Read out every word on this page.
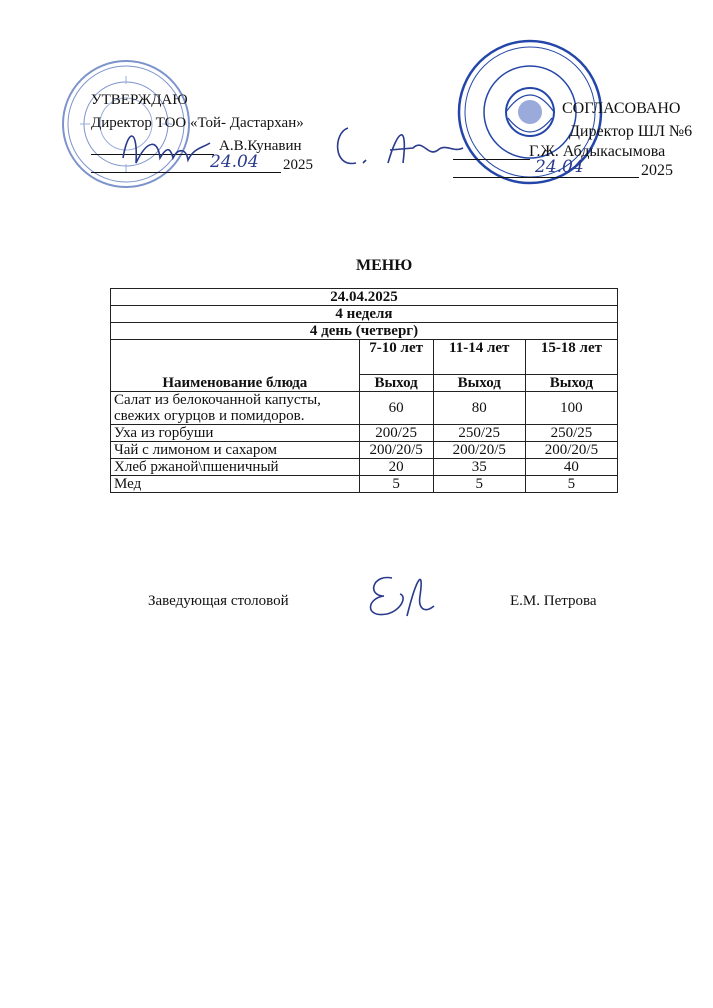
УТВЕРЖДАЮ
Директор ТОО «Той- Дастархан»
А.В.Кунавин
24.04 2025
СОГЛАСОВАНО
Директор ШЛ №6
Г.Ж. Абдыкасымова
24.04	2025
МЕНЮ
24.04.2025			
4 неделя			
4 день (четверг)			
Наименование блюда	7-10 лет	11-14 лет	15-18 лет
	Выход	Выход	Выход
Салат из белокочанной капусты, свежих огурцов и помидоров.	60	80	100
Уха из горбуши	200/25	250/25	250/25
Чай с лимоном и сахаром	200/20/5	200/20/5	200/20/5
Хлеб ржаной\пшеничный	20	35	40
Мед	5	5	5
Заведующая столовой	Е.М. Петрова
